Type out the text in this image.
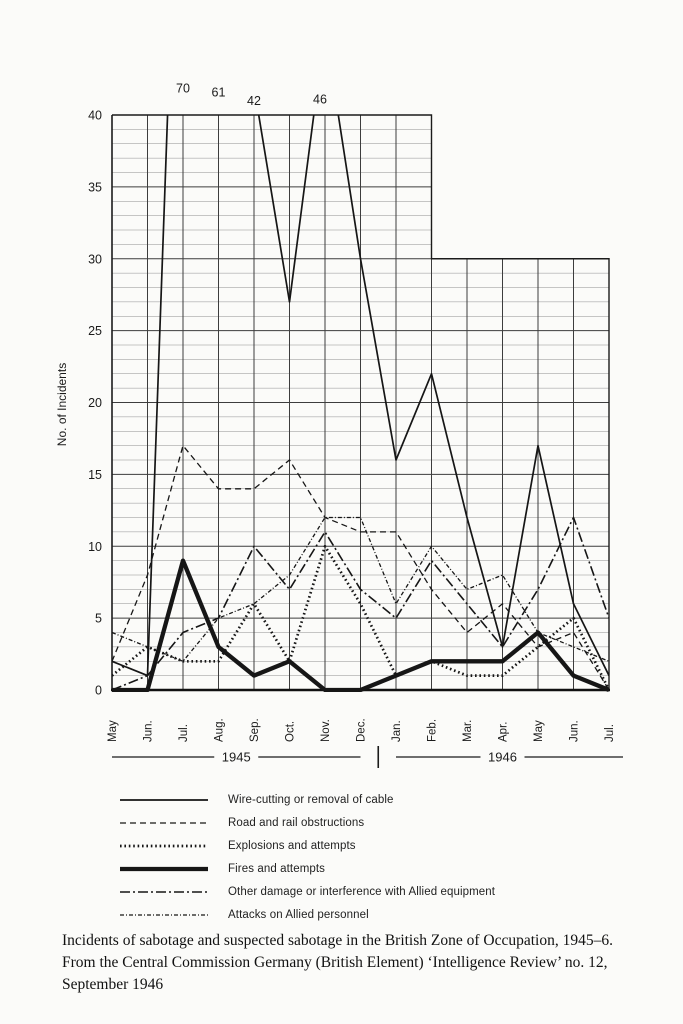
70 61
42	46
0
5
10
15
20
25
30
35
40
No. of Incidents
May Jun. Jul. Aug. Sep. Oct. Nov. Dec. Jan. Feb. Mar. Apr. May Jun. Jul.
1945	1946
Wire-cutting or removal of cable
Road and rail obstructions
Explosions and attempts
Fires and attempts
Other damage or interference with Allied equipment
Attacks on Allied personnel

Incidents of sabotage and suspected sabotage in the British Zone of Occupation, 1945–6. From the Central Commission Germany (British Element) ‘Intelligence Review’ no. 12, September 1946
